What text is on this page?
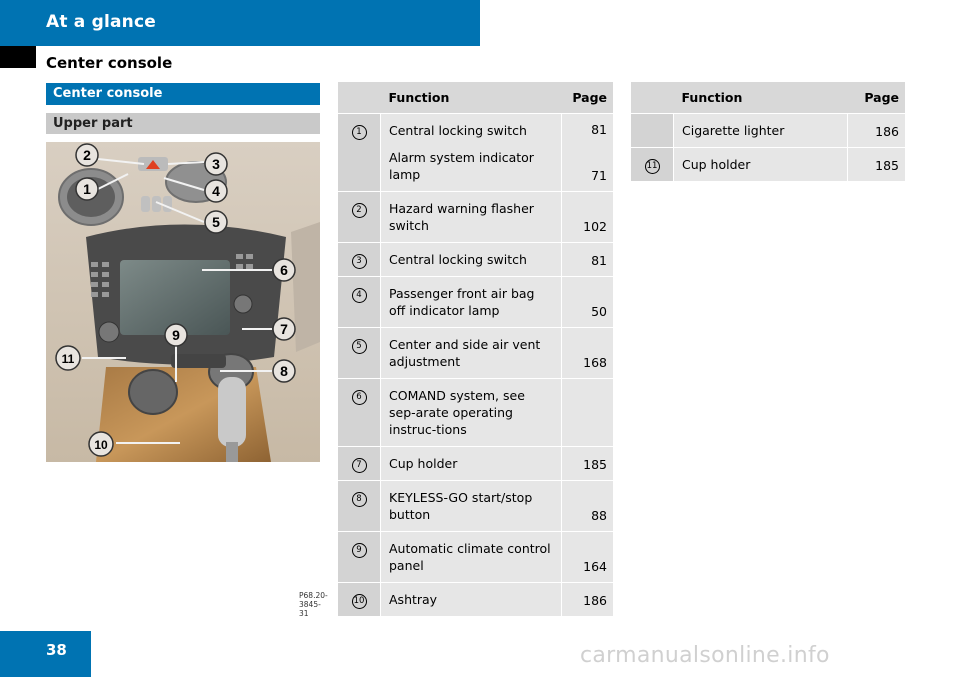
At a glance
Center console
Center console
Upper part
1
2
3
4
5
6
7
8
9
10
11
P68.20-3845-31
	Function	Page
1	Central locking switch	81
	Alarm system indicator lamp	71
2	Hazard warning flasher switch	102
3	Central locking switch	81
4	Passenger front air bag off indicator lamp	50
5	Center and side air vent adjustment	168
6	COMAND system, see sep-arate operating instruc-tions	
7	Cup holder	185
8	KEYLESS-GO start/stop button	88
9	Automatic climate control panel	164
10	Ashtray	186
	Function	Page
	Cigarette lighter	186
11	Cup holder	185
38	carmanualsonline.info
